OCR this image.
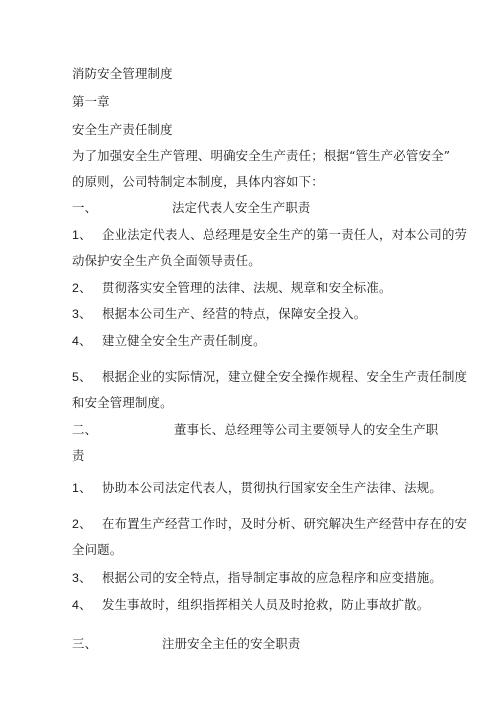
消防安全管理制度
第一章
安全生产责任制度
为了加强安全生产管理、明确安全生产责任；根据“管生产必管安全”
的原则，公司特制定本制度，具体内容如下：
一、	法定代表人安全生产职责
1、 企业法定代表人、总经理是安全生产的第一责任人，对本公司的劳
动保护安全生产负全面领导责任。
2、 贯彻落实安全管理的法律、法规、规章和安全标准。
3、 根据本公司生产、经营的特点，保障安全投入。
4、 建立健全安全生产责任制度。
5、 根据企业的实际情况，建立健全安全操作规程、安全生产责任制度
和安全管理制度。
二、	董事长、总经理等公司主要领导人的安全生产职
责
1、 协助本公司法定代表人，贯彻执行国家安全生产法律、法规。
2、 在布置生产经营工作时，及时分析、研究解决生产经营中存在的安
全问题。
3、 根据公司的安全特点，指导制定事故的应急程序和应变措施。
4、 发生事故时，组织指挥相关人员及时抢救，防止事故扩散。
三、	注册安全主任的安全职责
